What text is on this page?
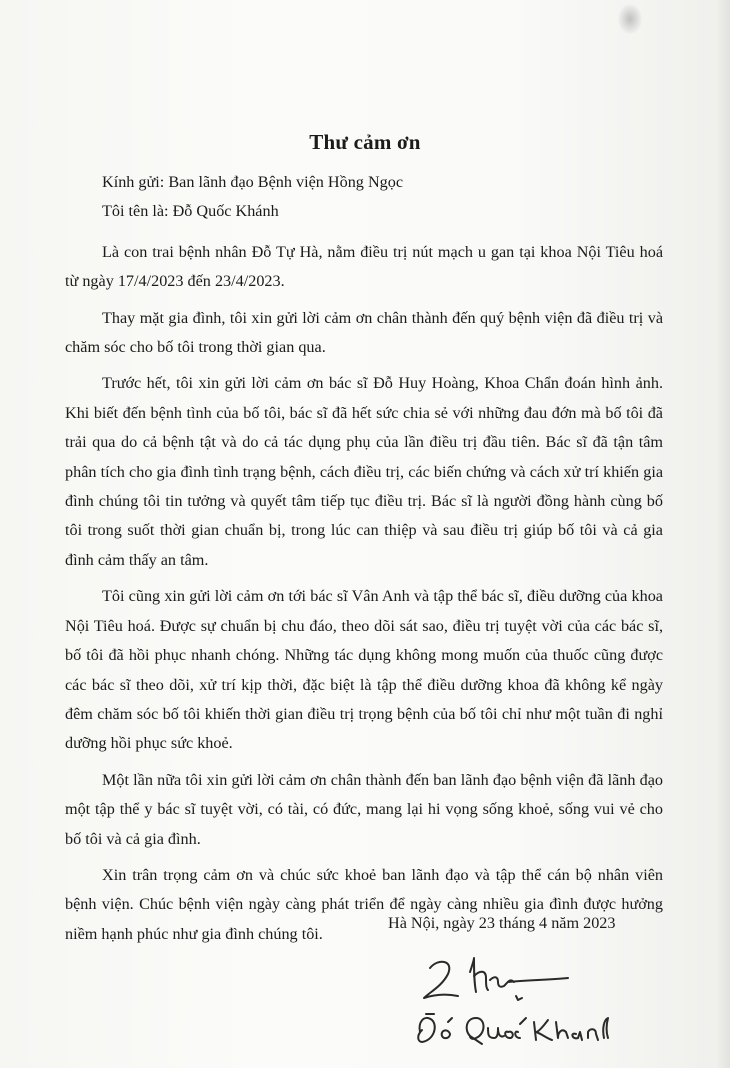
Thư cảm ơn

Kính gửi: Ban lãnh đạo Bệnh viện Hồng Ngọc

Tôi tên là: Đỗ Quốc Khánh

Là con trai bệnh nhân Đỗ Tự Hà, nằm điều trị nút mạch u gan tại khoa Nội Tiêu hoá từ ngày 17/4/2023 đến 23/4/2023.

Thay mặt gia đình, tôi xin gửi lời cảm ơn chân thành đến quý bệnh viện đã điều trị và chăm sóc cho bố tôi trong thời gian qua.

Trước hết, tôi xin gửi lời cảm ơn bác sĩ Đỗ Huy Hoàng, Khoa Chẩn đoán hình ảnh. Khi biết đến bệnh tình của bố tôi, bác sĩ đã hết sức chia sẻ với những đau đớn mà bố tôi đã trải qua do cả bệnh tật và do cả tác dụng phụ của lần điều trị đầu tiên. Bác sĩ đã tận tâm phân tích cho gia đình tình trạng bệnh, cách điều trị, các biến chứng và cách xử trí khiến gia đình chúng tôi tin tưởng và quyết tâm tiếp tục điều trị. Bác sĩ là người đồng hành cùng bố tôi trong suốt thời gian chuẩn bị, trong lúc can thiệp và sau điều trị giúp bố tôi và cả gia đình cảm thấy an tâm.

Tôi cũng xin gửi lời cảm ơn tới bác sĩ Vân Anh và tập thể bác sĩ, điều dưỡng của khoa Nội Tiêu hoá. Được sự chuẩn bị chu đáo, theo dõi sát sao, điều trị tuyệt vời của các bác sĩ, bố tôi đã hồi phục nhanh chóng. Những tác dụng không mong muốn của thuốc cũng được các bác sĩ theo dõi, xử trí kịp thời, đặc biệt là tập thể điều dưỡng khoa đã không kể ngày đêm chăm sóc bố tôi khiến thời gian điều trị trọng bệnh của bố tôi chỉ như một tuần đi nghỉ dưỡng hồi phục sức khoẻ.

Một lần nữa tôi xin gửi lời cảm ơn chân thành đến ban lãnh đạo bệnh viện đã lãnh đạo một tập thể y bác sĩ tuyệt vời, có tài, có đức, mang lại hi vọng sống khoẻ, sống vui vẻ cho bố tôi và cả gia đình.

Xin trân trọng cảm ơn và chúc sức khoẻ ban lãnh đạo và tập thể cán bộ nhân viên bệnh viện. Chúc bệnh viện ngày càng phát triển để ngày càng nhiều gia đình được hưởng niềm hạnh phúc như gia đình chúng tôi.

Hà Nội, ngày 23 tháng 4 năm 2023
